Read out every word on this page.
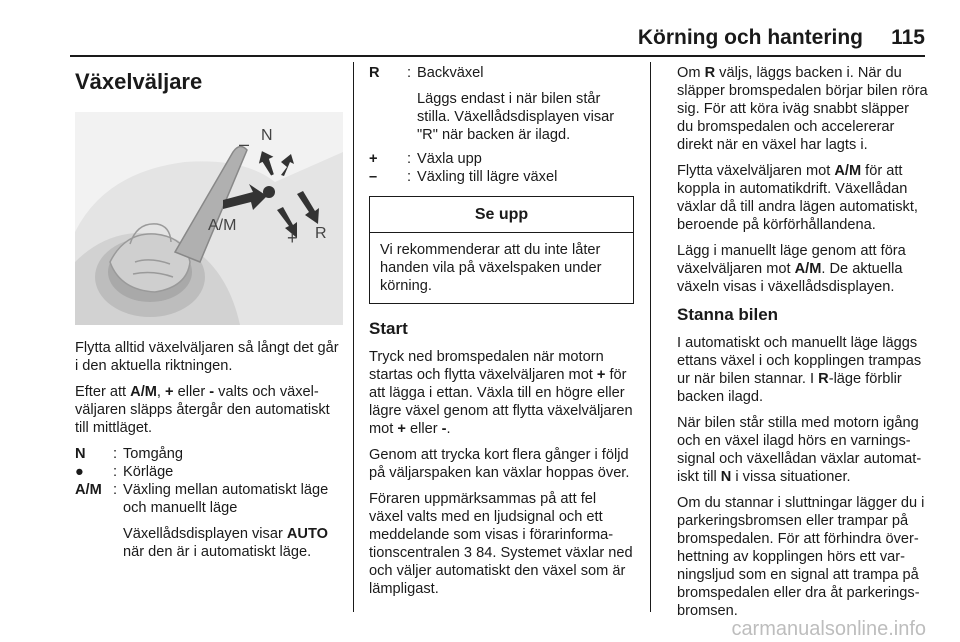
Körning och hantering 115
Växelväljare
– N
A/M
+ R

Flytta alltid växelväljaren så långt det går i den aktuella riktningen.

Efter att A/M, + eller - valts och växelväljaren släpps återgår den automatiskt till mittläget.

N	: Tomgång
●	: Körläge
A/M : Växling mellan automatiskt läge och manuellt läge

Växellådsdisplayen visar AUTO när den är i automatiskt läge.

R	: Backväxel

Läggs endast i när bilen står stilla. Växellådsdisplayen visar "R" när backen är ilagd.

+	: Växla upp
–	: Växling till lägre växel
Se upp
Vi rekommenderar att du inte låter handen vila på växelspaken under körning.
Start

Tryck ned bromspedalen när motorn startas och flytta växelväljaren mot + för att lägga i ettan. Växla till en högre eller lägre växel genom att flytta växelväljaren mot + eller -.

Genom att trycka kort flera gånger i följd på väljarspaken kan växlar hoppas över.

Föraren uppmärksammas på att fel växel valts med en ljudsignal och ett meddelande som visas i förarinformationscentralen 3 84. Systemet växlar ned och väljer automatiskt den växel som är lämpligast.

Om R väljs, läggs backen i. När du släpper bromspedalen börjar bilen röra sig. För att köra iväg snabbt släpper du bromspedalen och accelererar direkt när en växel har lagts i.

Flytta växelväljaren mot A/M för att koppla in automatikdrift. Växellådan växlar då till andra lägen automatiskt, beroende på körförhållandena.

Lägg i manuellt läge genom att föra växelväljaren mot A/M. De aktuella växeln visas i växellådsdisplayen.

Stanna bilen

I automatiskt och manuellt läge läggs ettans växel i och kopplingen trampas ur när bilen stannar. I R-läge förblir backen ilagd.

När bilen står stilla med motorn igång och en växel ilagd hörs en varningssignal och växellådan växlar automatiskt till N i vissa situationer.

Om du stannar i sluttningar lägger du i parkeringsbromsen eller trampar på bromspedalen. För att förhindra överhettning av kopplingen hörs ett varningsljud som en signal att trampa på bromspedalen eller dra åt parkeringsbromsen.

carmanualsonline.info
